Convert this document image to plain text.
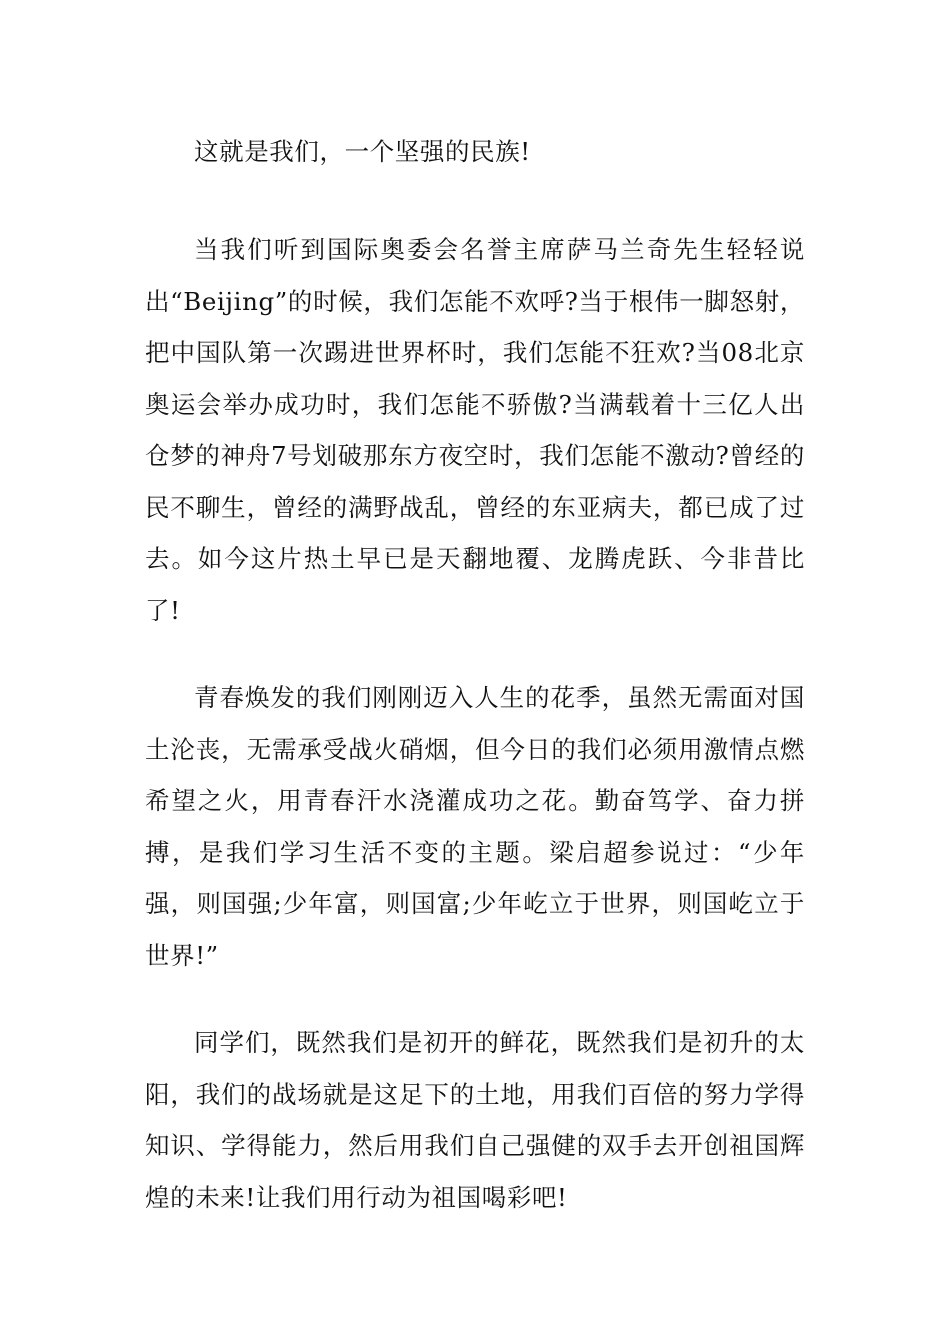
这就是我们，一个坚强的民族!

当我们听到国际奥委会名誉主席萨马兰奇先生轻轻说出“Beijing”的时候，我们怎能不欢呼?当于根伟一脚怒射，把中国队第一次踢进世界杯时，我们怎能不狂欢?当08北京奥运会举办成功时，我们怎能不骄傲?当满载着十三亿人出仓梦的神舟7号划破那东方夜空时，我们怎能不激动?曾经的民不聊生，曾经的满野战乱，曾经的东亚病夫，都已成了过去。如今这片热土早已是天翻地覆、龙腾虎跃、今非昔比了!

青春焕发的我们刚刚迈入人生的花季，虽然无需面对国土沦丧，无需承受战火硝烟，但今日的我们必须用激情点燃希望之火，用青春汗水浇灌成功之花。勤奋笃学、奋力拼搏，是我们学习生活不变的主题。梁启超参说过：“少年强，则国强;少年富，则国富;少年屹立于世界，则国屹立于世界!”

同学们，既然我们是初开的鲜花，既然我们是初升的太阳，我们的战场就是这足下的土地，用我们百倍的努力学得知识、学得能力，然后用我们自己强健的双手去开创祖国辉煌的未来!让我们用行动为祖国喝彩吧!
